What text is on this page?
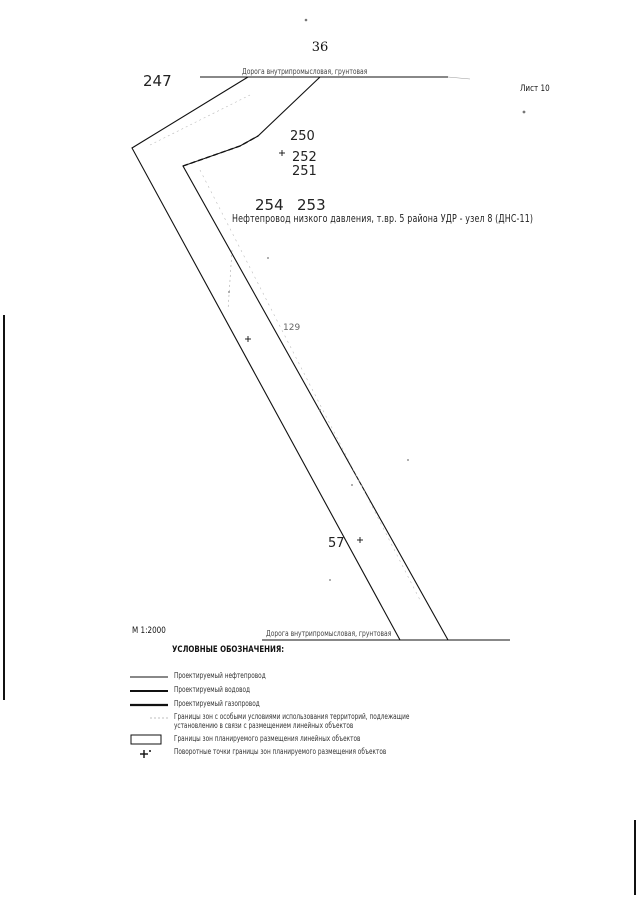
36
Лист 10
Дорога внутрипромысловая, грунтовая
Дорога внутрипромысловая, грунтовая
247
250
252
251
254 253
129
57
Нефтепровод низкого давления, т.вр. 5 района УДР - узел 8 (ДНС-11)
М 1:2000
УСЛОВНЫЕ ОБОЗНАЧЕНИЯ:
Проектируемый нефтепровод
Проектируемый водовод
Проектируемый газопровод
Границы зон с особыми условиями использования территорий, подлежащие установлению в связи с размещением линейных объектов
Границы зон планируемого размещения линейных объектов
Поворотные точки границы зон планируемого размещения объектов
